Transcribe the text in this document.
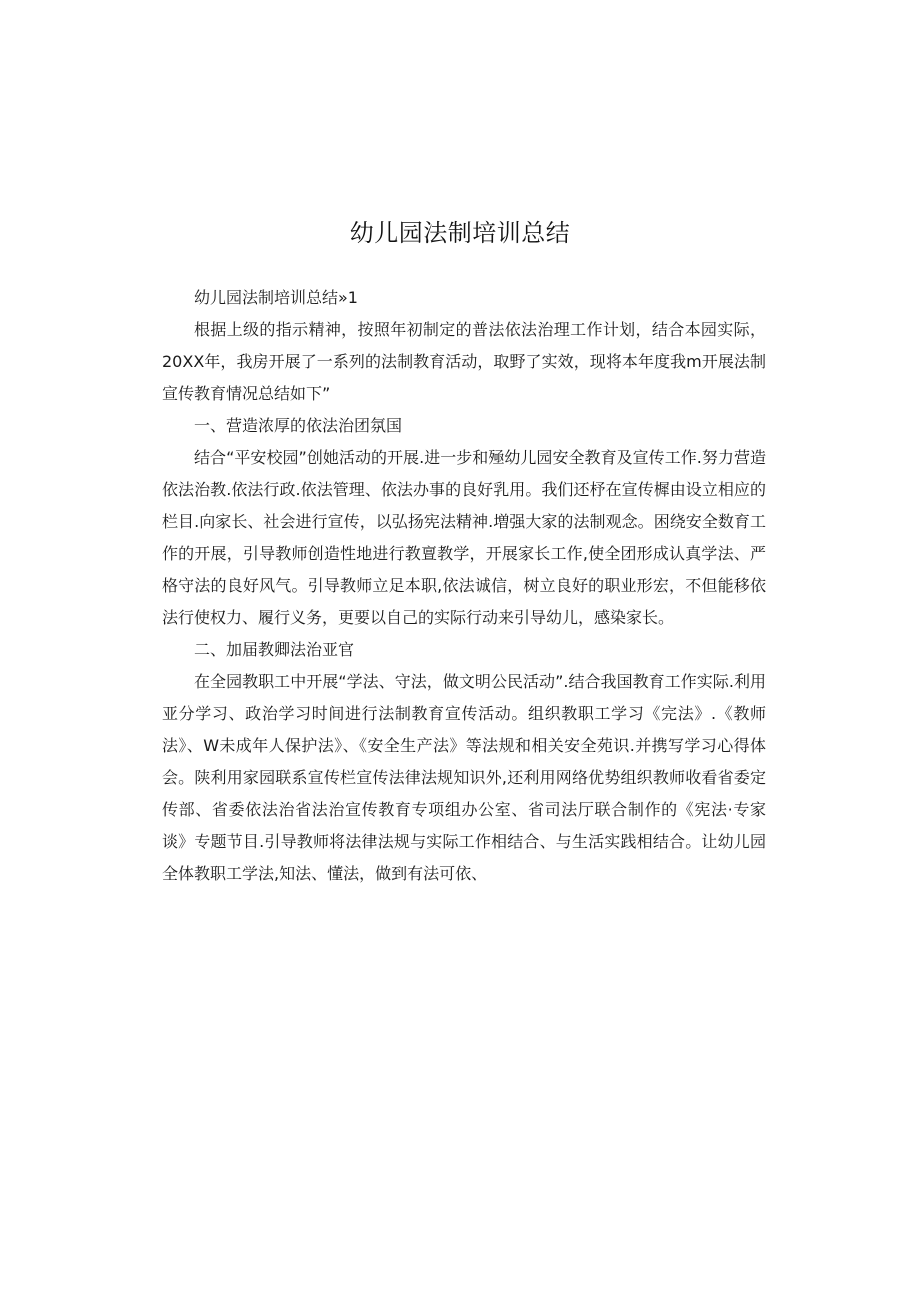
幼儿园法制培训总结

幼儿园法制培训总结»1

根据上级的指示精神，按照年初制定的普法依法治理工作计划，结合本园实际，20XX年，我房开展了一系列的法制教育活动，取野了实效，现将本年度我m开展法制宣传教育情况总结如下”

一、营造浓厚的依法治团氛国

结合“平安校园”创她活动的开展.进一步和殛幼儿园安全教育及宣传工作.努力营造依法治教.依法行政.依法管理、依法办事的良好乳用。我们还杼在宣传樨由设立相应的栏目.向家长、社会进行宣传，以弘扬宪法精神.増强大家的法制观念。困绕安全数育工作的开展，引导教师创造性地进行教亶教学，开展家长工作,使全团形成认真学法、严格守法的良好风气。引导教师立足本职,依法诚信，树立良好的职业形宏，不但能移依法行使权力、履行义务，更要以自己的实际行动来引导幼儿，感染家长。

二、加届教卿法治亚官

在全园教职工中开展“学法、守法，做文明公民活动”.结合我国教育工作实际.利用亚分学习、政治学习时间进行法制教育宣传活动。组织教职工学习《完法》.《教师法》、W未成年人保护法》、《安全生产法》等法规和相关安全苑识.并携写学习心得体会。陕利用家园联系宣传栏宣传法律法规知识外,还利用网络优势组织教师收看省委定传部、省委依法治省法治宣传教育专项组办公室、省司法厅联合制作的《宪法·专家谈》专题节目.引导教师将法律法规与实际工作相结合、与生活实践相结合。让幼儿园全体教职工学法,知法、懂法，做到有法可依、
